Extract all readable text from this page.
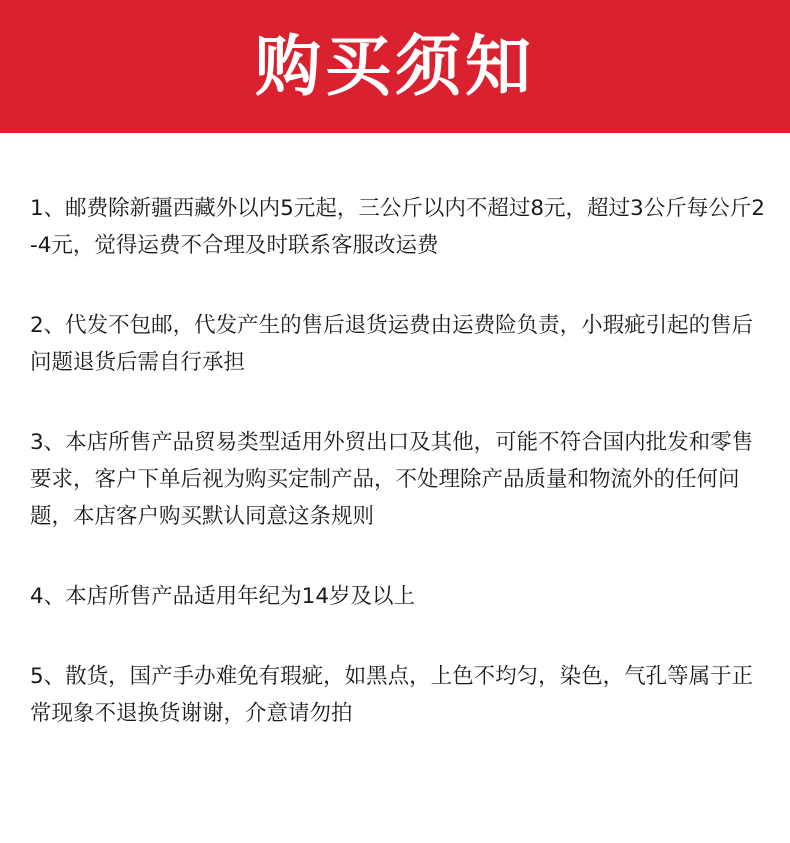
购买须知
1、邮费除新疆西藏外以内5元起，三公斤以内不超过8元，超过3公斤每公斤2-4元，觉得运费不合理及时联系客服改运费
2、代发不包邮，代发产生的售后退货运费由运费险负责，小瑕疵引起的售后问题退货后需自行承担
3、本店所售产品贸易类型适用外贸出口及其他，可能不符合国内批发和零售要求，客户下单后视为购买定制产品，不处理除产品质量和物流外的任何问题，本店客户购买默认同意这条规则
4、本店所售产品适用年纪为14岁及以上
5、散货，国产手办难免有瑕疵，如黑点，上色不均匀，染色，气孔等属于正常现象不退换货谢谢，介意请勿拍
